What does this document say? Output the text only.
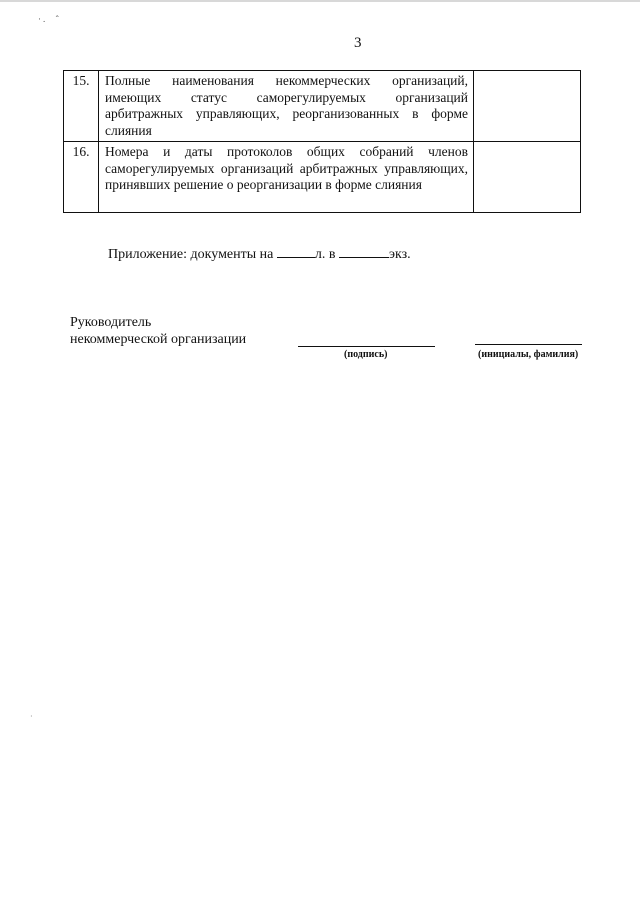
·.  ˆ
·
3
15.	Полные наименования некоммерческих организаций, имеющих статус саморегулируемых организаций арбитражных управляющих, реорганизованных в форме слияния	
16.	Номера и даты протоколов общих собраний членов саморегулируемых организаций арбитражных управляющих, принявших решение о реорганизации в форме слияния	
Приложение: документы на	л. в	экз.
Руководитель
некоммерческой организации
(подпись)	(инициалы, фамилия)
